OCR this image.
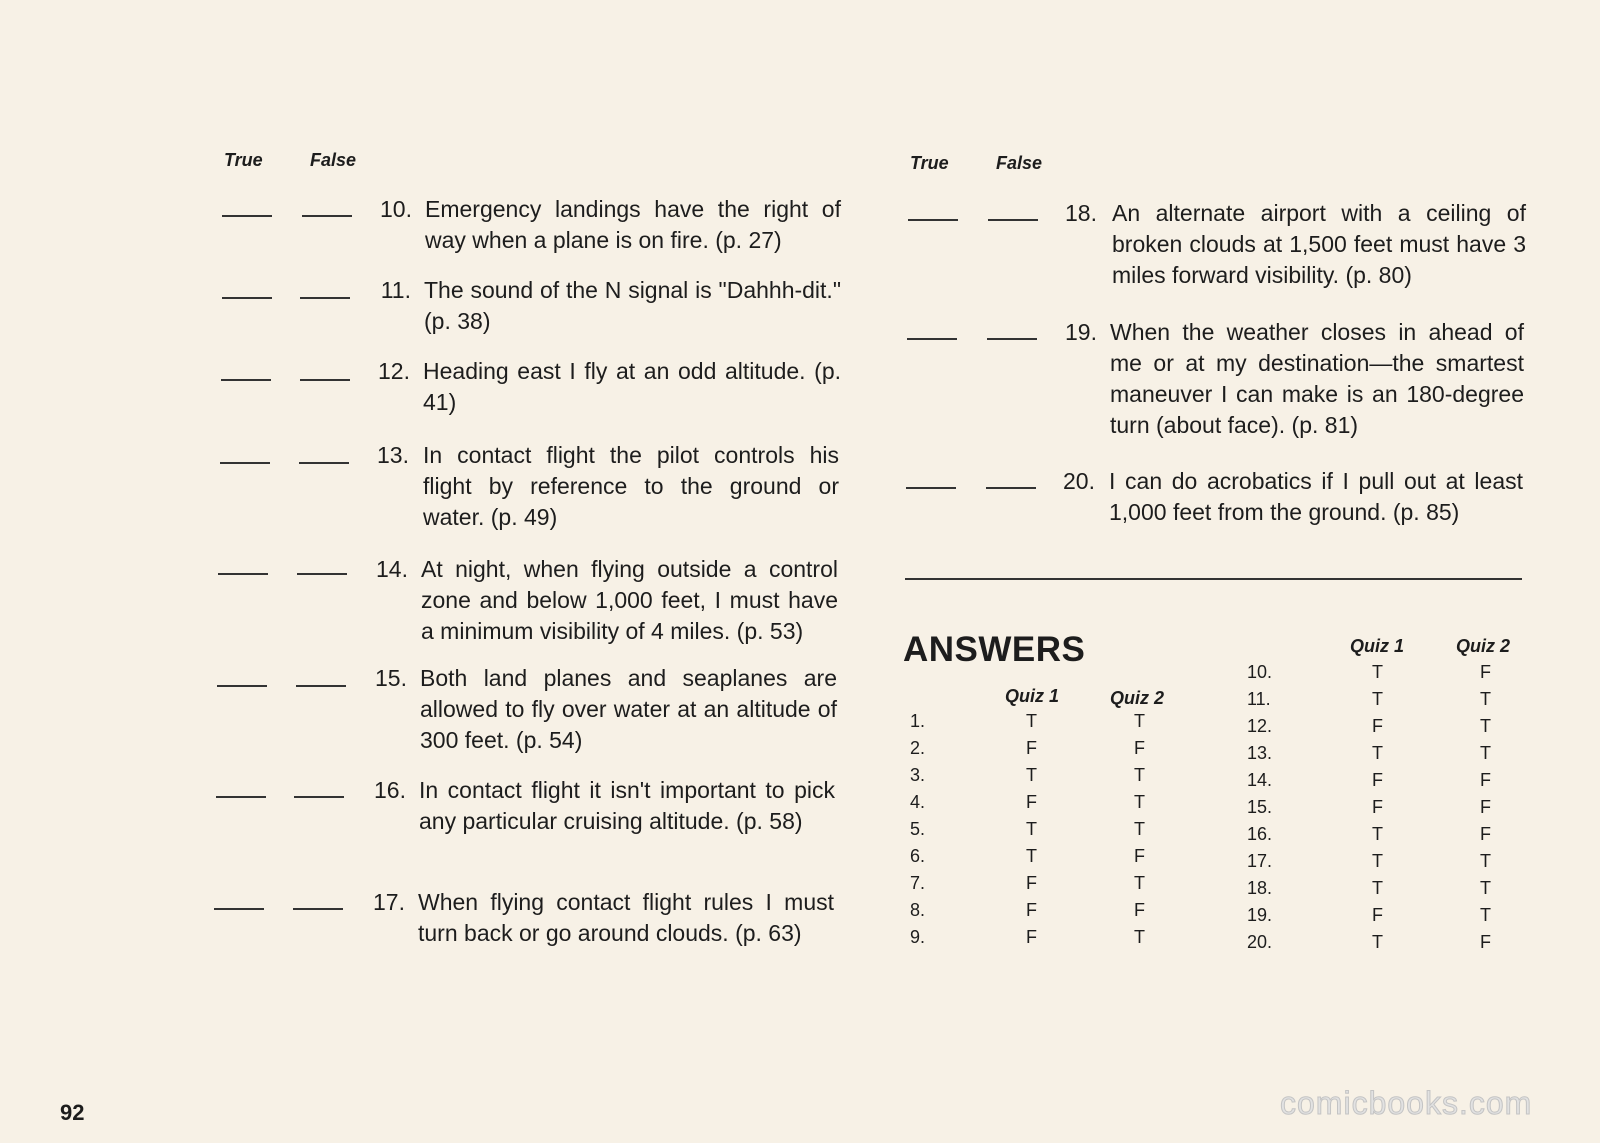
True	False
10. Emergency landings have the right of way when a plane is on fire. (p. 27)
11. The sound of the N signal is "Dahhh-dit." (p. 38)
12. Heading east I fly at an odd altitude. (p. 41)
13. In contact flight the pilot controls his flight by reference to the ground or water. (p. 49)
14. At night, when flying outside a control zone and below 1,000 feet, I must have a minimum visibility of 4 miles. (p. 53)
15. Both land planes and seaplanes are allowed to fly over water at an altitude of 300 feet. (p. 54)
16. In contact flight it isn't important to pick any particular cruising altitude. (p. 58)
17. When flying contact flight rules I must turn back or go around clouds. (p. 63)
True	False
18. An alternate airport with a ceiling of broken clouds at 1,500 feet must have 3 miles forward visibility. (p. 80)
19. When the weather closes in ahead of me or at my destination—the smartest maneuver I can make is an 180-degree turn (about face). (p. 81)
20. I can do acrobatics if I pull out at least 1,000 feet from the ground. (p. 85)
ANSWERS
Quiz 1	Quiz 2
Quiz 1	Quiz 2
1.	T	T
2.	F	F
3.	T	T
4.	F	T
5.	T	T
6.	T	F
7.	F	T
8.	F	F
9.	F	T
10.	T	F
11.	T	T
12.	F	T
13.	T	T
14.	F	F
15.	F	F
16.	T	F
17.	T	T
18.	T	T
19.	F	T
20.	T	F
92	comicbooks.com
